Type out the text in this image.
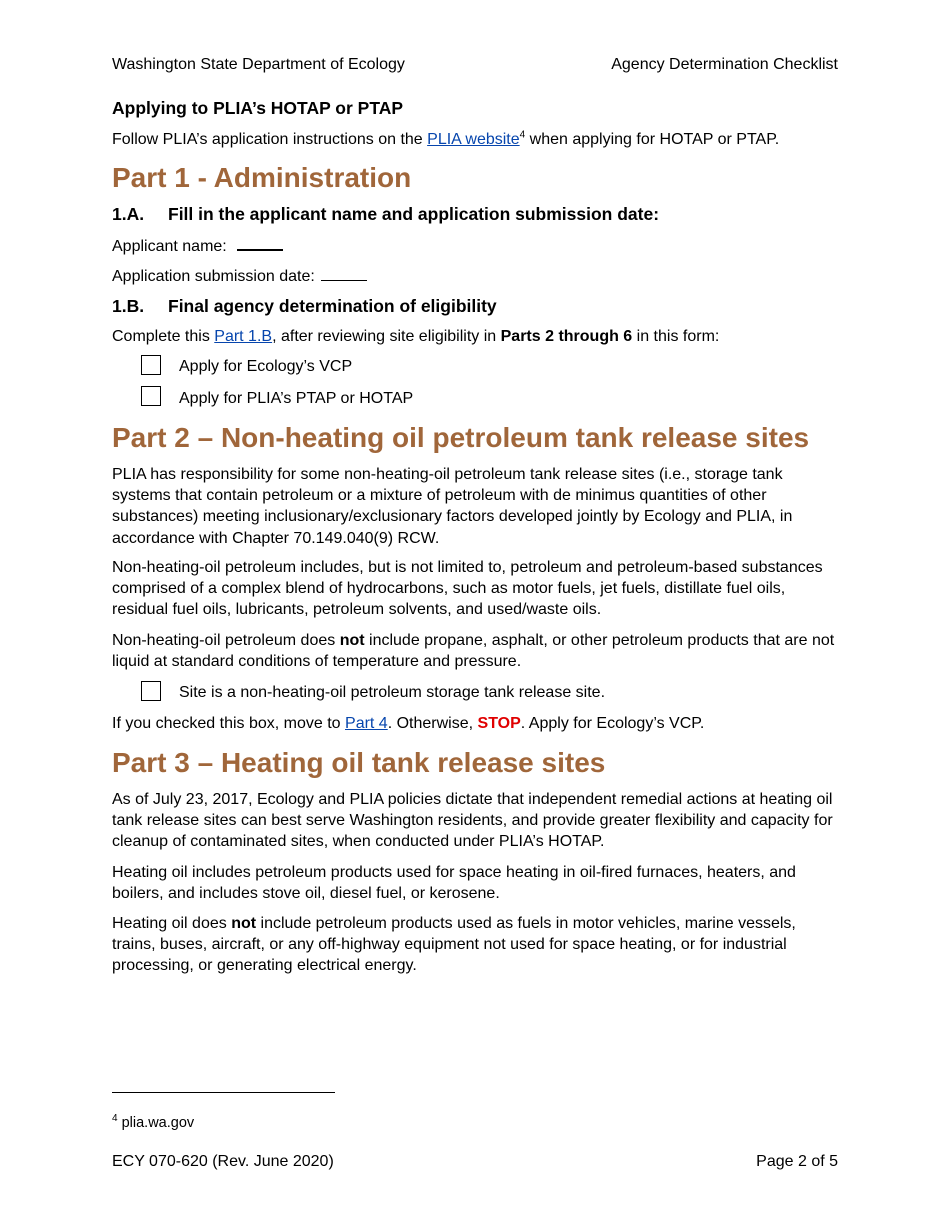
Washington State Department of Ecology	Agency Determination Checklist
Applying to PLIA’s HOTAP or PTAP

Follow PLIA’s application instructions on the PLIA website$^4$ when applying for HOTAP or PTAP.

Part 1 - Administration
1.A. Fill in the applicant name and application submission date:
Applicant name:
Application submission date:
1.B. Final agency determination of eligibility

Complete this Part 1.B, after reviewing site eligibility in Parts 2 through 6 in this form:

Apply for Ecology’s VCP
Apply for PLIA’s PTAP or HOTAP
Part 2 – Non-heating oil petroleum tank release sites

PLIA has responsibility for some non-heating-oil petroleum tank release sites (i.e., storage tank systems that contain petroleum or a mixture of petroleum with de minimus quantities of other substances) meeting inclusionary/exclusionary factors developed jointly by Ecology and PLIA, in accordance with Chapter 70.149.040(9) RCW.

Non-heating-oil petroleum includes, but is not limited to, petroleum and petroleum-based substances comprised of a complex blend of hydrocarbons, such as motor fuels, jet fuels, distillate fuel oils, residual fuel oils, lubricants, petroleum solvents, and used/waste oils.

Non-heating-oil petroleum does not include propane, asphalt, or other petroleum products that are not liquid at standard conditions of temperature and pressure.

Site is a non-heating-oil petroleum storage tank release site.

If you checked this box, move to Part 4. Otherwise, STOP. Apply for Ecology’s VCP.

Part 3 – Heating oil tank release sites

As of July 23, 2017, Ecology and PLIA policies dictate that independent remedial actions at heating oil tank release sites can best serve Washington residents, and provide greater flexibility and capacity for cleanup of contaminated sites, when conducted under PLIA’s HOTAP.

Heating oil includes petroleum products used for space heating in oil-fired furnaces, heaters, and boilers, and includes stove oil, diesel fuel, or kerosene.

Heating oil does not include petroleum products used as fuels in motor vehicles, marine vessels, trains, buses, aircraft, or any off-highway equipment not used for space heating, or for industrial processing, or generating electrical energy.

$^4$ plia.wa.gov
ECY 070-620 (Rev. June 2020)	Page 2 of 5
